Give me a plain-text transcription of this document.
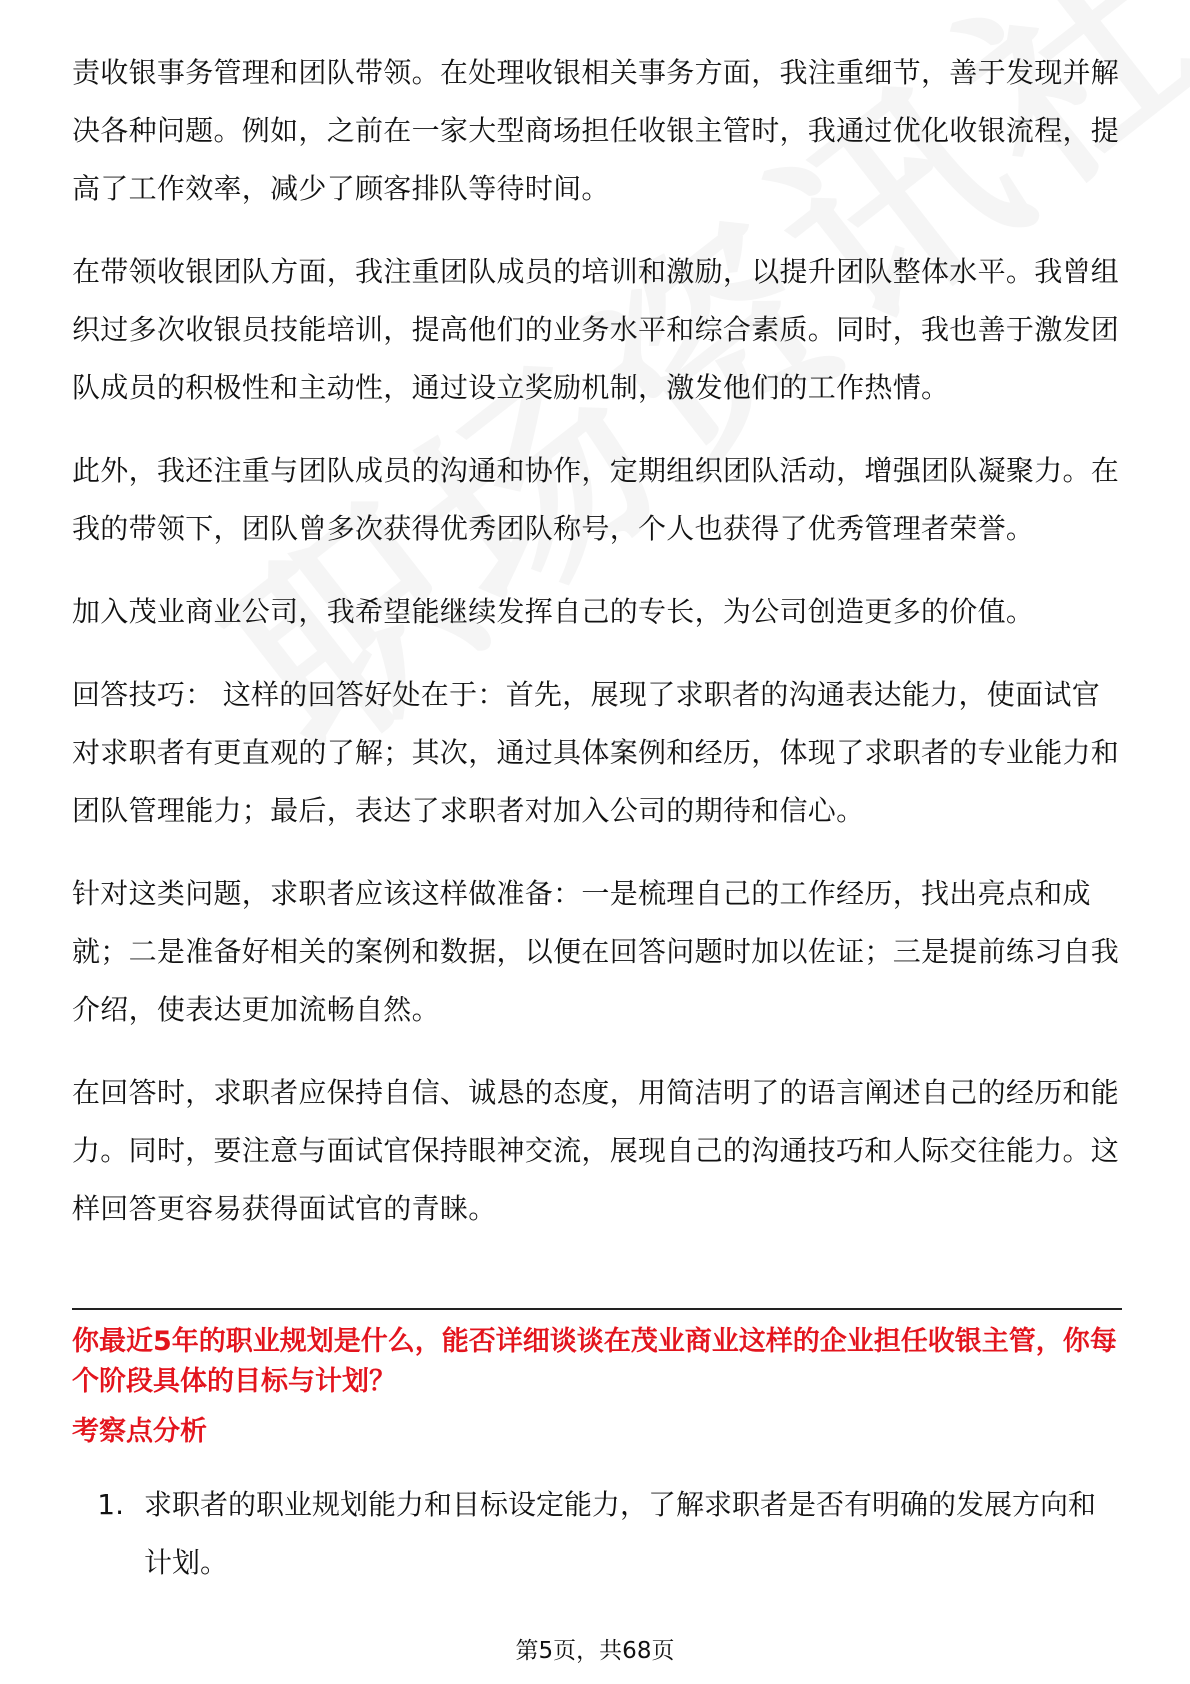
责收银事务管理和团队带领。在处理收银相关事务方面，我注重细节，善于发现并解决各种问题。例如，之前在一家大型商场担任收银主管时，我通过优化收银流程，提高了工作效率，减少了顾客排队等待时间。

在带领收银团队方面，我注重团队成员的培训和激励，以提升团队整体水平。我曾组织过多次收银员技能培训，提高他们的业务水平和综合素质。同时，我也善于激发团队成员的积极性和主动性，通过设立奖励机制，激发他们的工作热情。

此外，我还注重与团队成员的沟通和协作，定期组织团队活动，增强团队凝聚力。在我的带领下，团队曾多次获得优秀团队称号，个人也获得了优秀管理者荣誉。

加入茂业商业公司，我希望能继续发挥自己的专长，为公司创造更多的价值。

回答技巧： 这样的回答好处在于：首先，展现了求职者的沟通表达能力，使面试官对求职者有更直观的了解；其次，通过具体案例和经历，体现了求职者的专业能力和团队管理能力；最后，表达了求职者对加入公司的期待和信心。

针对这类问题，求职者应该这样做准备：一是梳理自己的工作经历，找出亮点和成就；二是准备好相关的案例和数据，以便在回答问题时加以佐证；三是提前练习自我介绍，使表达更加流畅自然。

在回答时，求职者应保持自信、诚恳的态度，用简洁明了的语言阐述自己的经历和能力。同时，要注意与面试官保持眼神交流，展现自己的沟通技巧和人际交往能力。这样回答更容易获得面试官的青睐。

你最近5年的职业规划是什么，能否详细谈谈在茂业商业这样的企业担任收银主管，你每个阶段具体的目标与计划？
考察点分析
1. 求职者的职业规划能力和目标设定能力，了解求职者是否有明确的发展方向和计划。
第5页，共68页
